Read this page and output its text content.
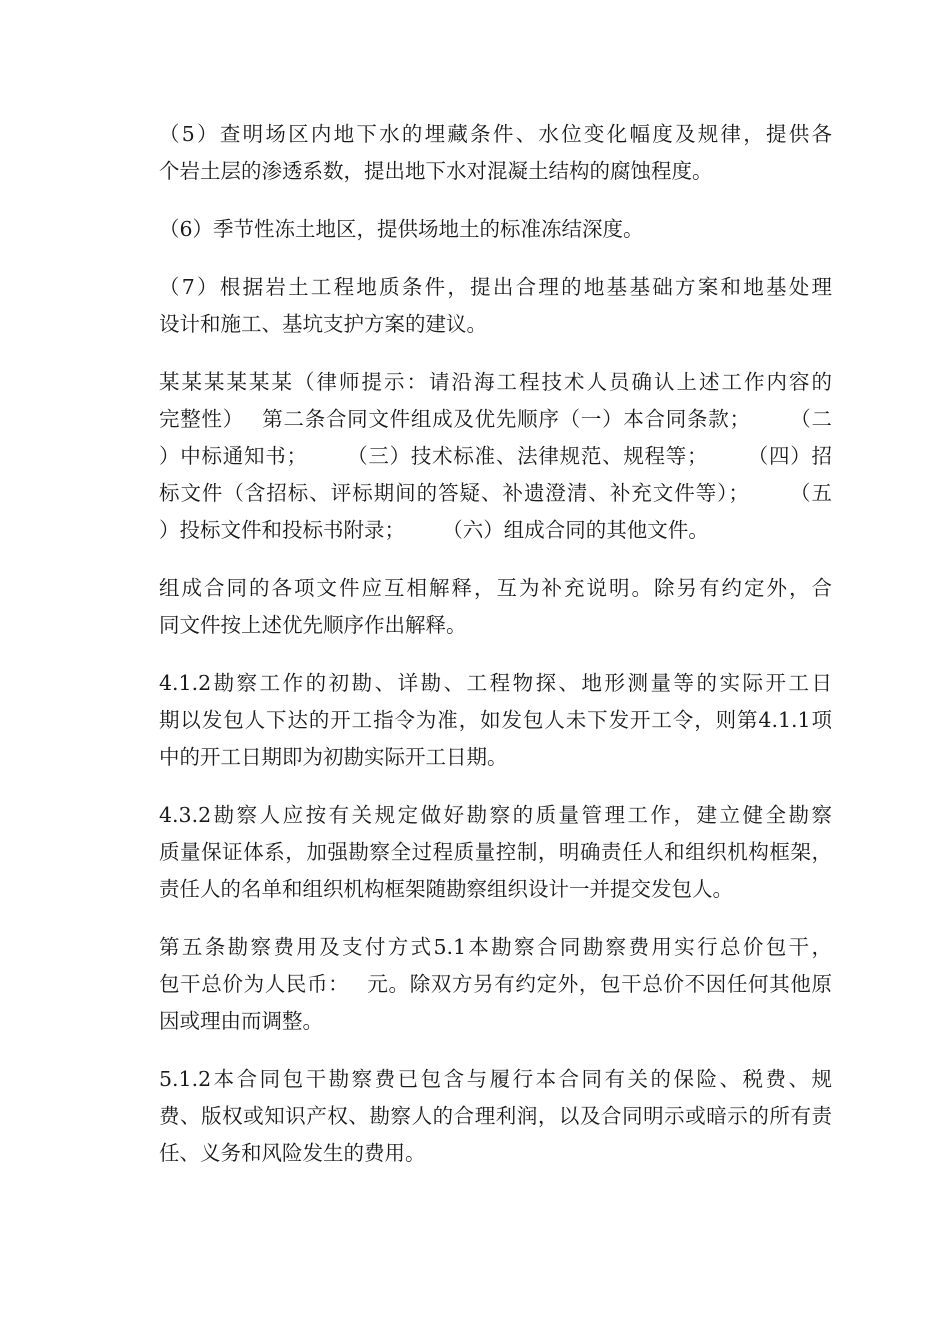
（5）查明场区内地下水的埋藏条件、水位变化幅度及规律，提供各
个岩土层的渗透系数，提出地下水对混凝土结构的腐蚀程度。
（6）季节性冻土地区，提供场地土的标准冻结深度。
（7）根据岩土工程地质条件，提出合理的地基基础方案和地基处理
设计和施工、基坑支护方案的建议。
某某某某某某（律师提示：请沿海工程技术人员确认上述工作内容的
完整性）　 第二条合同文件组成及优先顺序（一）本合同条款；　　 （二
）中标通知书；　　 （三）技术标准、法律规范、规程等；　　 （四）招
标文件（含招标、评标期间的答疑、补遗澄清、补充文件等）；　　 （五
）投标文件和投标书附录；　　 （六）组成合同的其他文件。
组成合同的各项文件应互相解释，互为补充说明。除另有约定外，合
同文件按上述优先顺序作出解释。
4.1.2勘察工作的初勘、详勘、工程物探、地形测量等的实际开工日
期以发包人下达的开工指令为准，如发包人未下发开工令，则第4.1.1项
中的开工日期即为初勘实际开工日期。
4.3.2勘察人应按有关规定做好勘察的质量管理工作，建立健全勘察
质量保证体系，加强勘察全过程质量控制，明确责任人和组织机构框架，
责任人的名单和组织机构框架随勘察组织设计一并提交发包人。
第五条勘察费用及支付方式5.1本勘察合同勘察费用实行总价包干，
包干总价为人民币：　 元。除双方另有约定外，包干总价不因任何其他原
因或理由而调整。
5.1.2本合同包干勘察费已包含与履行本合同有关的保险、税费、规
费、版权或知识产权、勘察人的合理利润，以及合同明示或暗示的所有责
任、义务和风险发生的费用。
